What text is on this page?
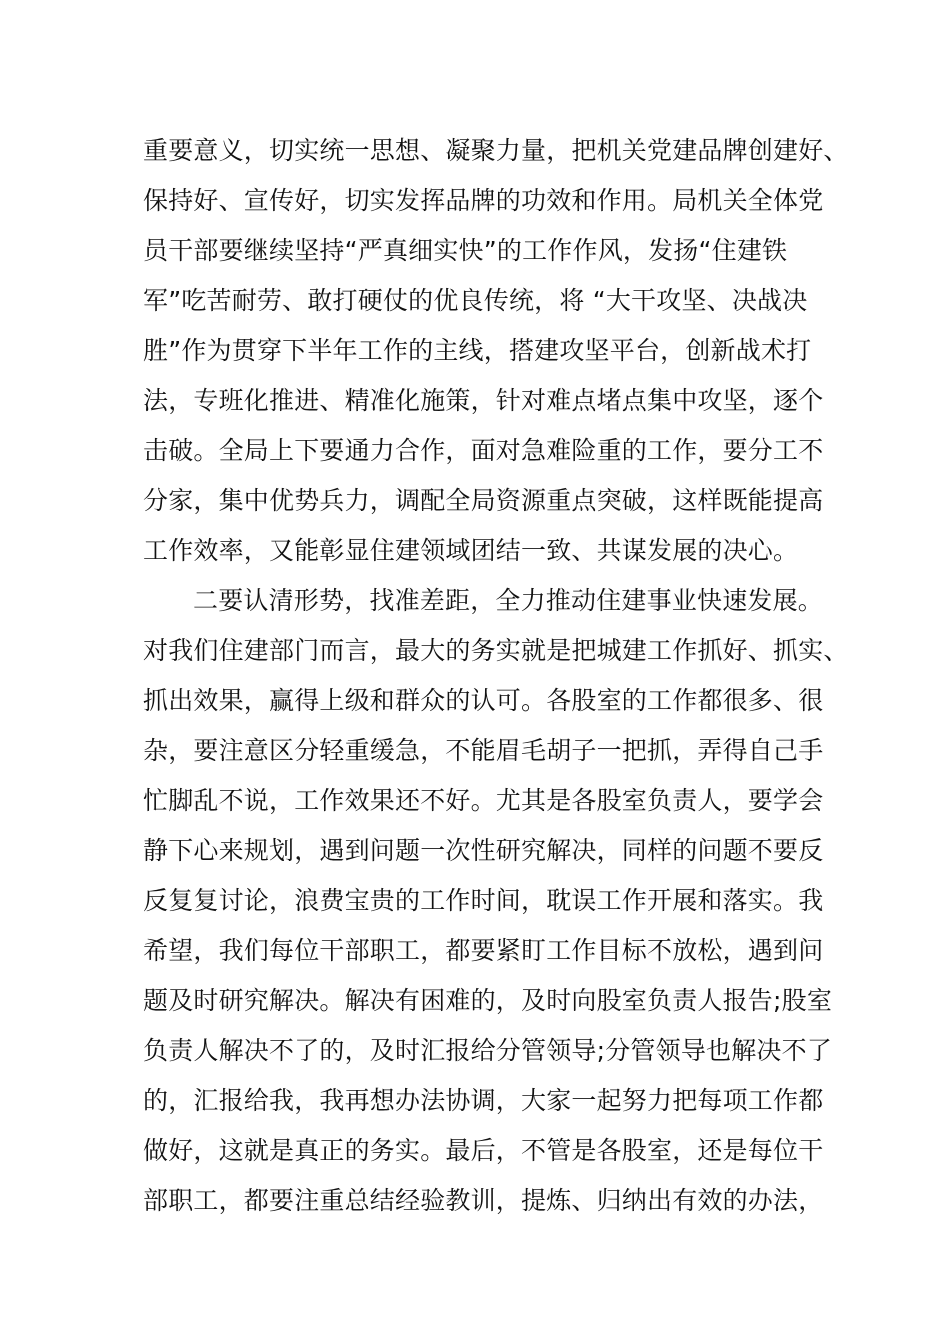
重要意义，切实统一思想、凝聚力量，把机关党建品牌创建好、
保持好、宣传好，切实发挥品牌的功效和作用。局机关全体党
员干部要继续坚持“严真细实快”的工作作风，发扬“住建铁
军”吃苦耐劳、敢打硬仗的优良传统，将 “大干攻坚、决战决
胜”作为贯穿下半年工作的主线，搭建攻坚平台，创新战术打
法，专班化推进、精准化施策，针对难点堵点集中攻坚，逐个
击破。全局上下要通力合作，面对急难险重的工作，要分工不
分家，集中优势兵力，调配全局资源重点突破，这样既能提高
工作效率，又能彰显住建领域团结一致、共谋发展的决心。
二要认清形势，找准差距，全力推动住建事业快速发展。
对我们住建部门而言，最大的务实就是把城建工作抓好、抓实、
抓出效果，赢得上级和群众的认可。各股室的工作都很多、很
杂，要注意区分轻重缓急，不能眉毛胡子一把抓，弄得自己手
忙脚乱不说，工作效果还不好。尤其是各股室负责人，要学会
静下心来规划，遇到问题一次性研究解决，同样的问题不要反
反复复讨论，浪费宝贵的工作时间，耽误工作开展和落实。我
希望，我们每位干部职工，都要紧盯工作目标不放松，遇到问
题及时研究解决。解决有困难的，及时向股室负责人报告;股室
负责人解决不了的，及时汇报给分管领导;分管领导也解决不了
的，汇报给我，我再想办法协调，大家一起努力把每项工作都
做好，这就是真正的务实。最后，不管是各股室，还是每位干
部职工，都要注重总结经验教训，提炼、归纳出有效的办法，
